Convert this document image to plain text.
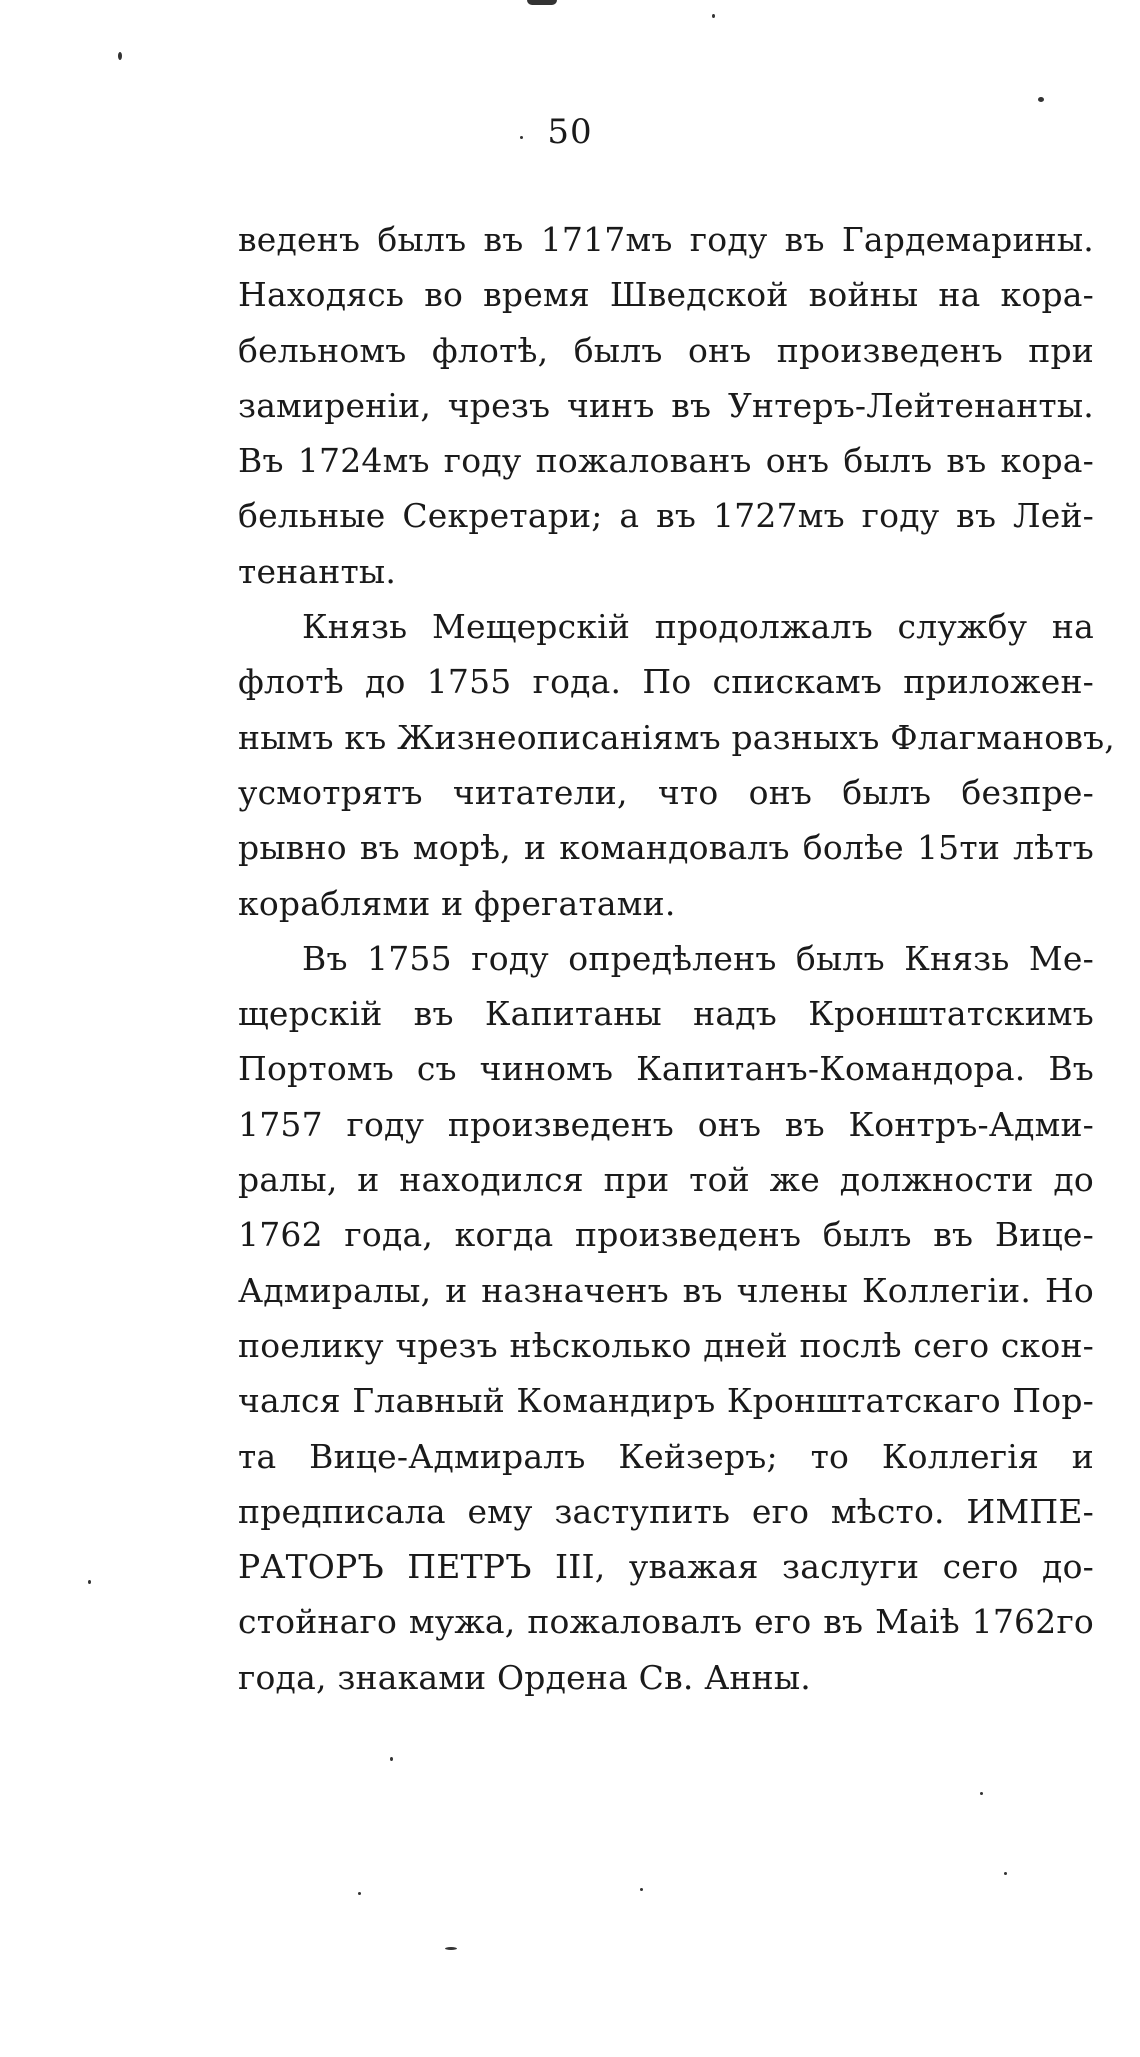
50
веденъ былъ въ 1717мъ году въ Гардемарины.
Находясь во время Шведской войны на кора-
бельномъ флотѣ, былъ онъ произведенъ при
замиреніи, чрезъ чинъ въ Унтеръ-Лейтенанты.
Въ 1724мъ году пожалованъ онъ былъ въ кора-
бельные Секретари; а въ 1727мъ году въ Лей-
тенанты.
Князь Мещерскій продолжалъ службу на
флотѣ до 1755 года. По спискамъ приложен-
нымъ къ Жизнеописаніямъ разныхъ Флагмановъ,
усмотрятъ читатели, что онъ былъ безпре-
рывно въ морѣ, и командовалъ болѣе 15ти лѣтъ
кораблями и фрегатами.
Въ 1755 году опредѣленъ былъ Князь Ме-
щерскій въ Капитаны надъ Кронштатскимъ
Портомъ съ чиномъ Капитанъ-Командора. Въ
1757 году произведенъ онъ въ Контръ-Адми-
ралы, и находился при той же должности до
1762 года, когда произведенъ былъ въ Вице-
Адмиралы, и назначенъ въ члены Коллегіи. Но
поелику чрезъ нѣсколько дней послѣ сего скон-
чался Главный Командиръ Кронштатскаго Пор-
та Вице-Адмиралъ Кейзеръ; то Коллегія и
предписала ему заступить его мѣсто. ИМПЕ-
РАТОРЪ ПЕТРЪ III, уважая заслуги сего до-
стойнаго мужа, пожаловалъ его въ Маіѣ 1762го
года, знаками Ордена Св. Анны.
